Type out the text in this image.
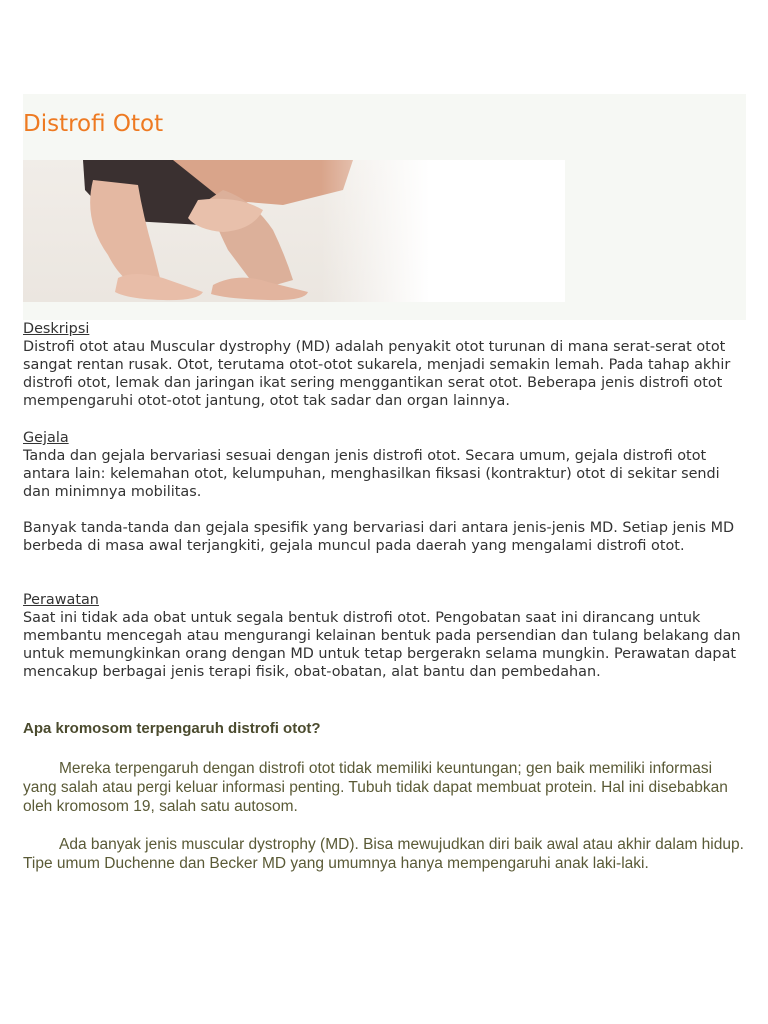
Distrofi Otot
Deskripsi

Distrofi otot atau Muscular dystrophy (MD) adalah penyakit otot turunan di mana serat-serat otot sangat rentan rusak. Otot, terutama otot-otot sukarela, menjadi semakin lemah. Pada tahap akhir distrofi otot, lemak dan jaringan ikat sering menggantikan serat otot. Beberapa jenis distrofi otot mempengaruhi otot-otot jantung, otot tak sadar dan organ lainnya.

Gejala

Tanda dan gejala bervariasi sesuai dengan jenis distrofi otot. Secara umum, gejala distrofi otot antara lain: kelemahan otot, kelumpuhan, menghasilkan fiksasi (kontraktur) otot di sekitar sendi dan minimnya mobilitas.

Banyak tanda-tanda dan gejala spesifik yang bervariasi dari antara jenis-jenis MD. Setiap jenis MD berbeda di masa awal terjangkiti, gejala muncul pada daerah yang mengalami distrofi otot.

Perawatan

Saat ini tidak ada obat untuk segala bentuk distrofi otot. Pengobatan saat ini dirancang untuk membantu mencegah atau mengurangi kelainan bentuk pada persendian dan tulang belakang dan untuk memungkinkan orang dengan MD untuk tetap bergerakn selama mungkin. Perawatan dapat mencakup berbagai jenis terapi fisik, obat-obatan, alat bantu dan pembedahan.

Apa kromosom terpengaruh distrofi otot?

Mereka terpengaruh dengan distrofi otot tidak memiliki keuntungan; gen baik memiliki informasi yang salah atau pergi keluar informasi penting. Tubuh tidak dapat membuat protein. Hal ini disebabkan oleh kromosom 19, salah satu autosom.

Ada banyak jenis muscular dystrophy (MD). Bisa mewujudkan diri baik awal atau akhir dalam hidup. Tipe umum Duchenne dan Becker MD yang umumnya hanya mempengaruhi anak laki-laki.
